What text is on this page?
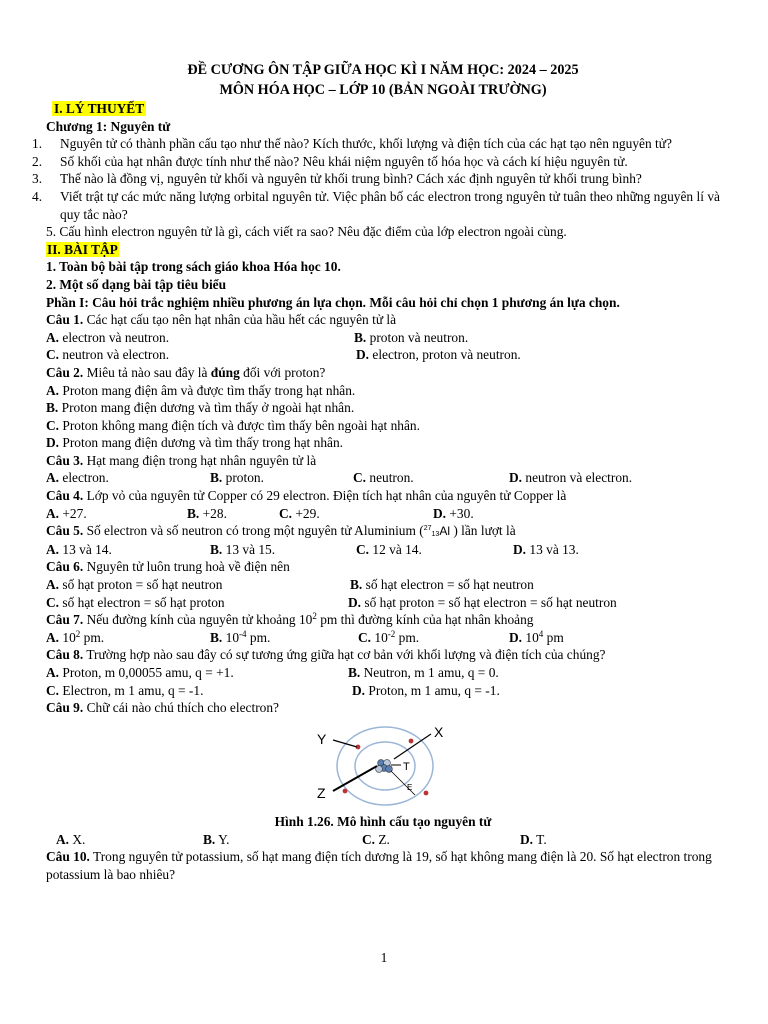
ĐỀ CƯƠNG ÔN TẬP GIỮA HỌC KÌ I NĂM HỌC: 2024 – 2025
MÔN HÓA HỌC – LỚP 10 (BẢN NGOÀI TRƯỜNG)
I. LÝ THUYẾT
Chương 1: Nguyên tử
1. Nguyên tử có thành phần cấu tạo như thế nào? Kích thước, khối lượng và điện tích của các hạt tạo nên nguyên tử?
2. Số khối của hạt nhân được tính như thế nào? Nêu khái niệm nguyên tố hóa học và cách kí hiệu nguyên tử.
3. Thế nào là đồng vị, nguyên tử khối và nguyên tử khối trung bình? Cách xác định nguyên tử khối trung bình?
4. Viết trật tự các mức năng lượng orbital nguyên tử. Việc phân bố các electron trong nguyên tử tuân theo những nguyên lí và quy tắc nào?
5. Cấu hình electron nguyên tử là gì, cách viết ra sao? Nêu đặc điểm của lớp electron ngoài cùng.
II. BÀI TẬP
1. Toàn bộ bài tập trong sách giáo khoa Hóa học 10.
2. Một số dạng bài tập tiêu biểu
Phần I: Câu hỏi trắc nghiệm nhiều phương án lựa chọn. Mỗi câu hỏi chỉ chọn 1 phương án lựa chọn.
Câu 1. Các hạt cấu tạo nên hạt nhân của hầu hết các nguyên tử là
A. electron và neutron.	B. proton và neutron.
C. neutron và electron.	D. electron, proton và neutron.
Câu 2. Miêu tả nào sau đây là đúng đối với proton?
A. Proton mang điện âm và được tìm thấy trong hạt nhân.
B. Proton mang điện dương và tìm thấy ở ngoài hạt nhân.
C. Proton không mang điện tích và được tìm thấy bên ngoài hạt nhân.
D. Proton mang điện dương và tìm thấy trong hạt nhân.
Câu 3. Hạt mang điện trong hạt nhân nguyên tử là
A. electron.	B. proton.	C. neutron.	D. neutron và electron.
Câu 4. Lớp vỏ của nguyên tử Copper có 29 electron. Điện tích hạt nhân của nguyên tử Copper là
A. +27.	B. +28.	C. +29.	D. +30.
Câu 5. Số electron và số neutron có trong một nguyên tử Aluminium ($^{27}_{13}$Al ) lần lượt là
A. 13 và 14.	B. 13 và 15.	C. 12 và 14.	D. 13 và 13.
Câu 6. Nguyên tử luôn trung hoà về điện nên
A. số hạt proton = số hạt neutron	B. số hạt electron = số hạt neutron
C. số hạt electron = số hạt proton	D. số hạt proton = số hạt electron = số hạt neutron
Câu 7. Nếu đường kính của nguyên tử khoảng $10^2$ pm thì đường kính của hạt nhân khoảng
A. $10^2$ pm.	B. $10^{-4}$ pm.	C. $10^{-2}$ pm.	D. $10^4$ pm
Câu 8. Trường hợp nào sau đây có sự tương ứng giữa hạt cơ bản với khối lượng và điện tích của chúng?
A. Proton, m 0,00055 amu, q = +1.	B. Neutron, m 1 amu, q = 0.
C. Electron, m 1 amu, q = -1.	D. Proton, m 1 amu, q = -1.
Câu 9. Chữ cái nào chú thích cho electron?
X
Y
Z
T
E
Hình 1.26. Mô hình cấu tạo nguyên tử
A. X.	B. Y.	C. Z.	D. T.
Câu 10. Trong nguyên tử potassium, số hạt mang điện tích dương là 19, số hạt không mang điện là 20. Số hạt electron trong potassium là bao nhiêu?
1
